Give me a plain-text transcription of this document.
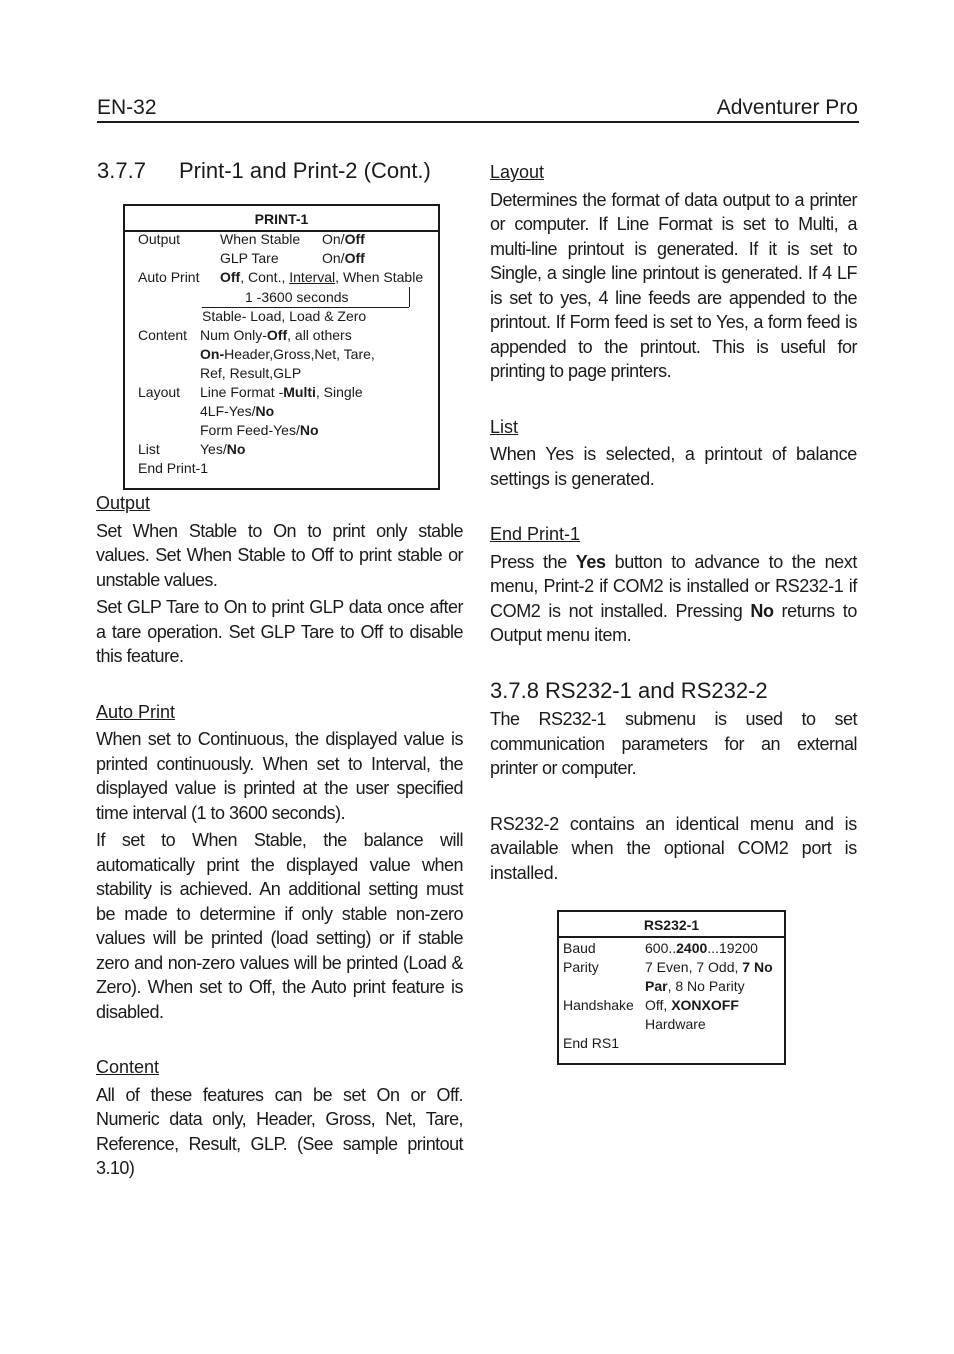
EN-32	Adventurer Pro
3.7.7 Print-1 and Print-2 (Cont.)
PRINT-1
Output	When Stable On/Off
GLP Tare	On/Off
Auto Print Off, Cont., Interval, When Stable
1 -3600 seconds
Stable- Load, Load & Zero
Content Num Only-Off, all others
On-Header,Gross,Net, Tare,
Ref, Result,GLP
Layout Line Format -Multi, Single
4LF-Yes/No
Form Feed-Yes/No
List	Yes/No
End Print-1

Output

Set When Stable to On to print only stable values. Set When Stable to Off to print stable or unstable values.

Set GLP Tare to On to print GLP data once after a tare operation. Set GLP Tare to Off to disable this feature.

Auto Print

When set to Continuous, the displayed value is printed continuously. When set to Interval, the displayed value is printed at the user specified time interval (1 to 3600 seconds).

If set to When Stable, the balance will automatically print the displayed value when stability is achieved. An additional setting must be made to determine if only stable non-zero values will be printed (load setting) or if stable zero and non-zero values will be printed (Load & Zero). When set to Off, the Auto print feature is disabled.

Content

All of these features can be set On or Off. Numeric data only, Header, Gross, Net, Tare, Reference, Result, GLP. (See sample printout 3.10)

Layout

Determines the format of data output to a printer or computer. If Line Format is set to Multi, a multi-line printout is generated. If it is set to Single, a single line printout is generated. If 4 LF is set to yes, 4 line feeds are appended to the printout. If Form feed is set to Yes, a form feed is appended to the printout. This is useful for printing to page printers.

List

When Yes is selected, a printout of balance settings is generated.

End Print-1

Press the Yes button to advance to the next menu, Print-2 if COM2 is installed or RS232-1 if COM2 is not installed. Pressing No returns to Output menu item.

3.7.8 RS232-1 and RS232-2

The RS232-1 submenu is used to set communication parameters for an external printer or computer.

RS232-2 contains an identical menu and is available when the optional COM2 port is installed.

RS232-1
Baud	600..2400...19200
Parity	7 Even, 7 Odd, 7 No
Par, 8 No Parity
Handshake Off, XONXOFF
Hardware
End RS1
